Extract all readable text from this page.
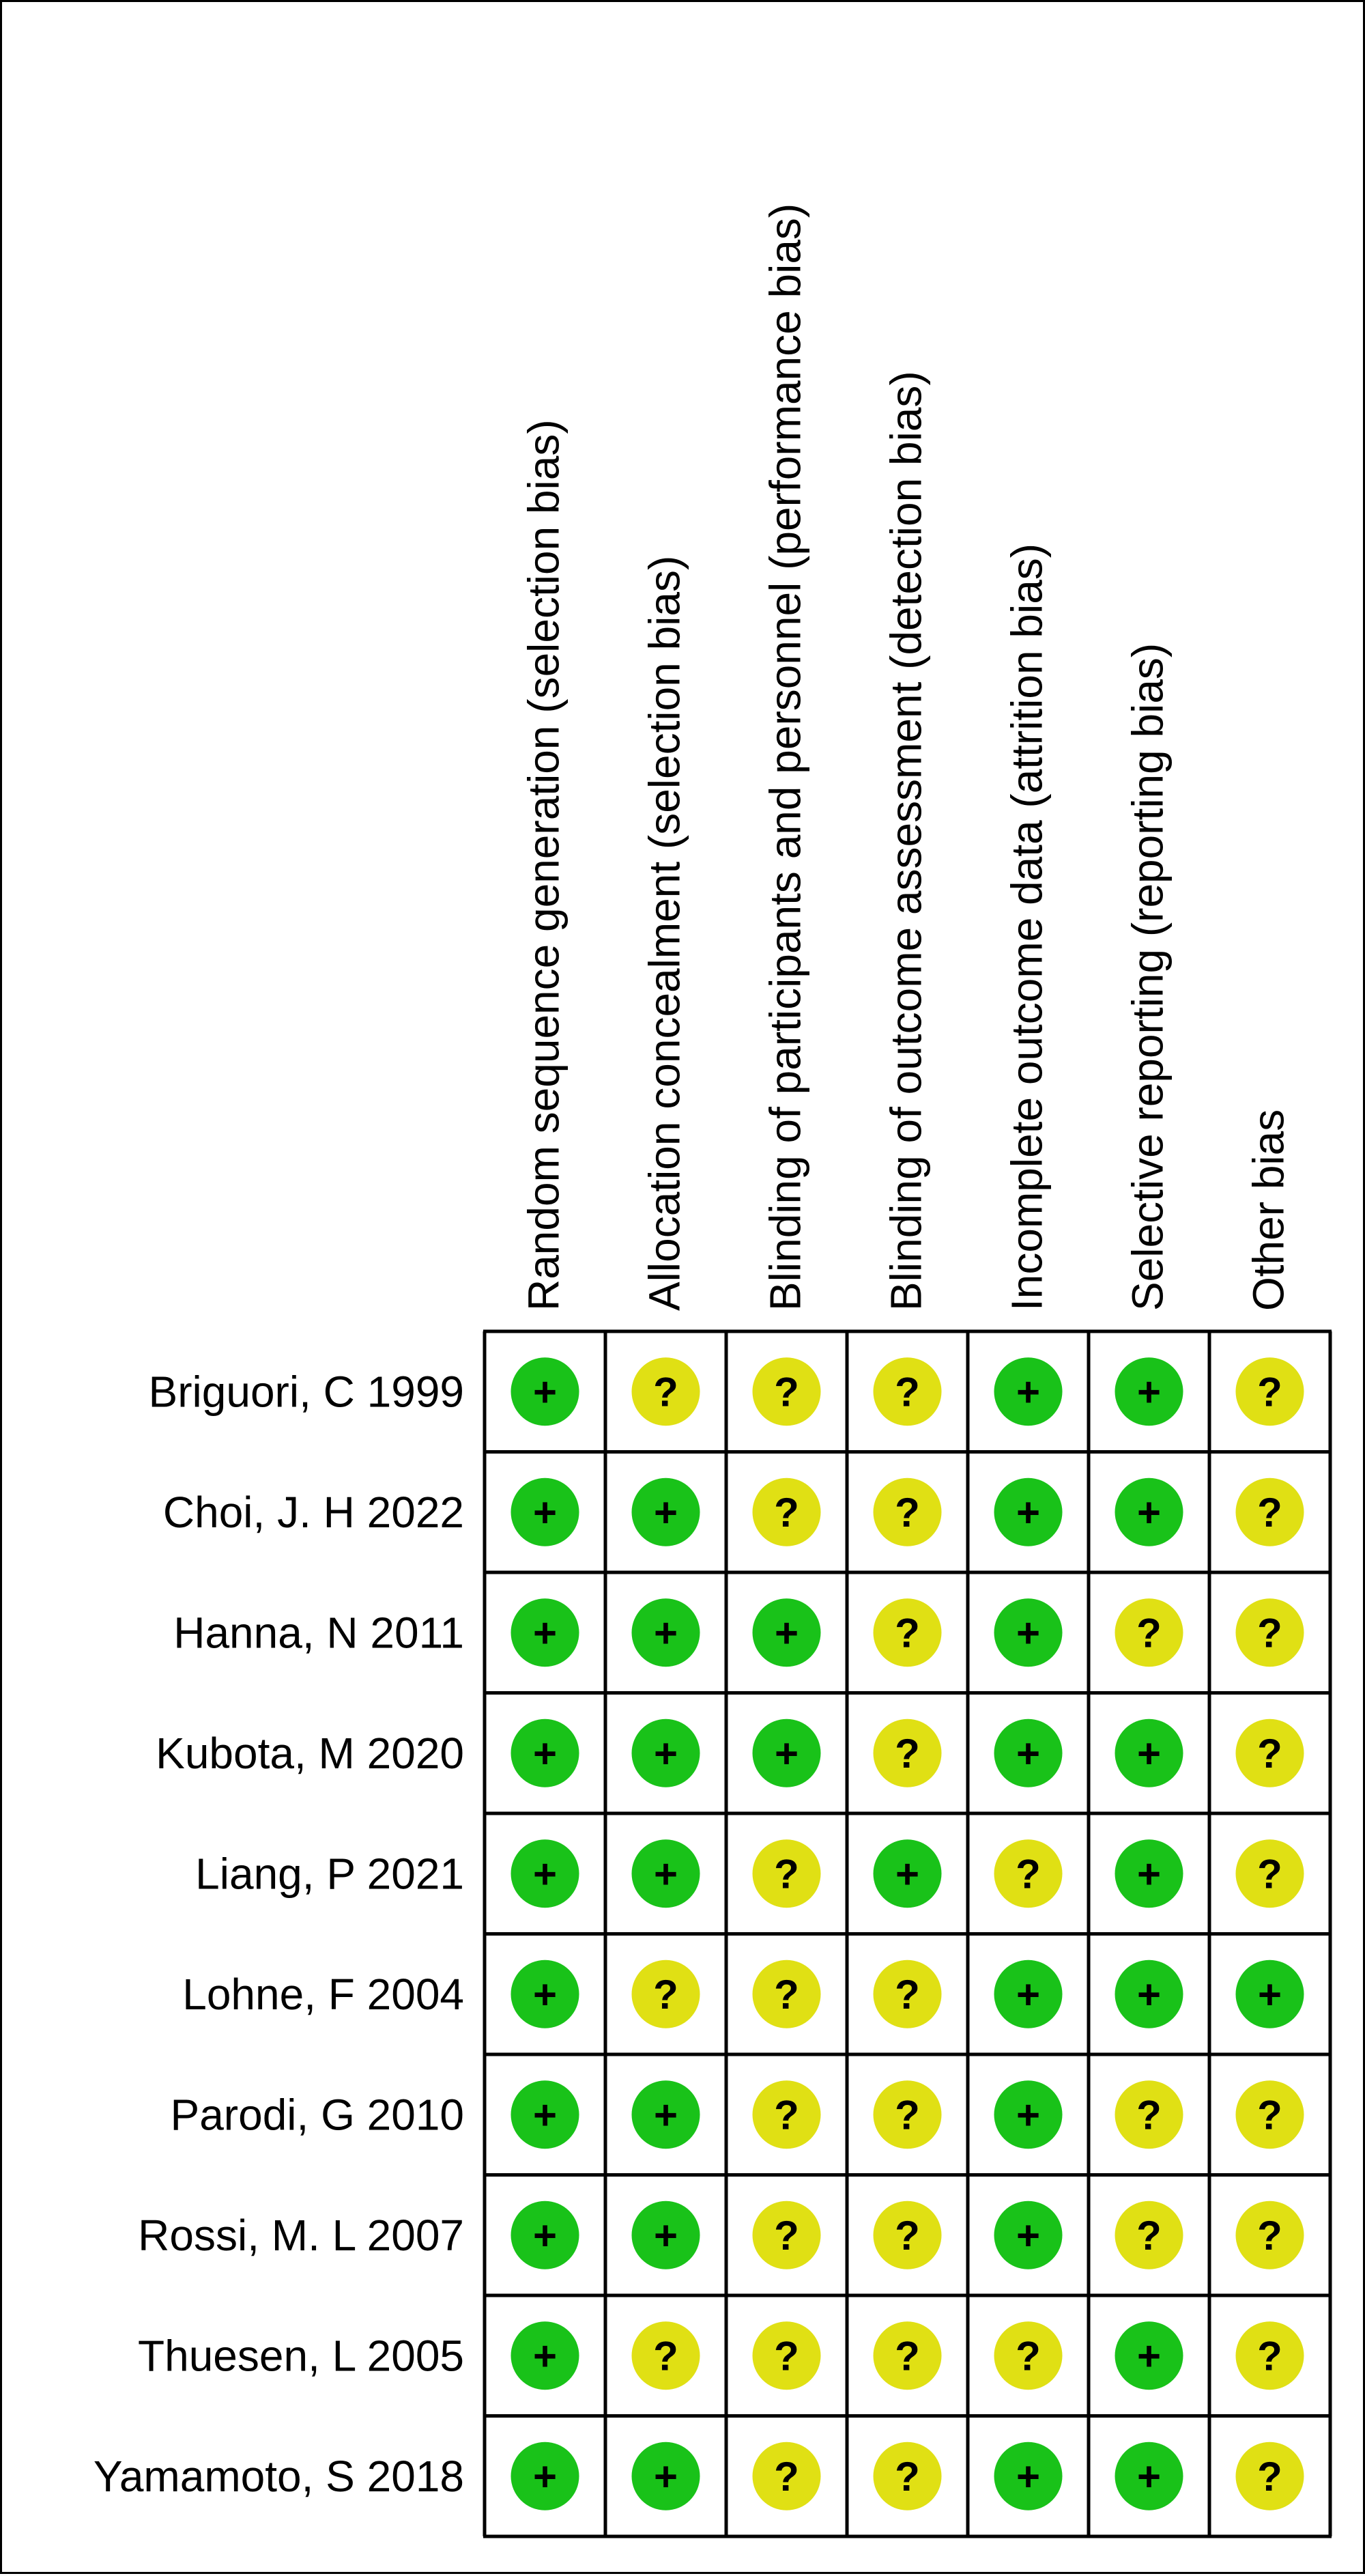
Random sequence generation (selection bias) Allocation concealment (selection bias) Blinding of participants and personnel (performance bias) Blinding of outcome assessment (detection bias) Incomplete outcome data (attrition bias) Selective reporting (reporting bias) Other bias
Briguori, C 1999
Choi, J. H 2022
Hanna, N 2011
Kubota, M 2020
Liang, P 2021
Lohne, F 2004
Parodi, G 2010
Rossi, M. L 2007
Thuesen, L 2005
Yamamoto, S 2018
+ ? ? ? + + ?
+ + ? ? + + ?
+ + + ? + ? ?
+ + + ? + + ?
+ + ? + ? + ?
+ ? ? ? + + +
+ + ? ? + ? ?
+ + ? ? + ? ?
+ ? ? ? ? + ?
+ + ? ? + + ?
